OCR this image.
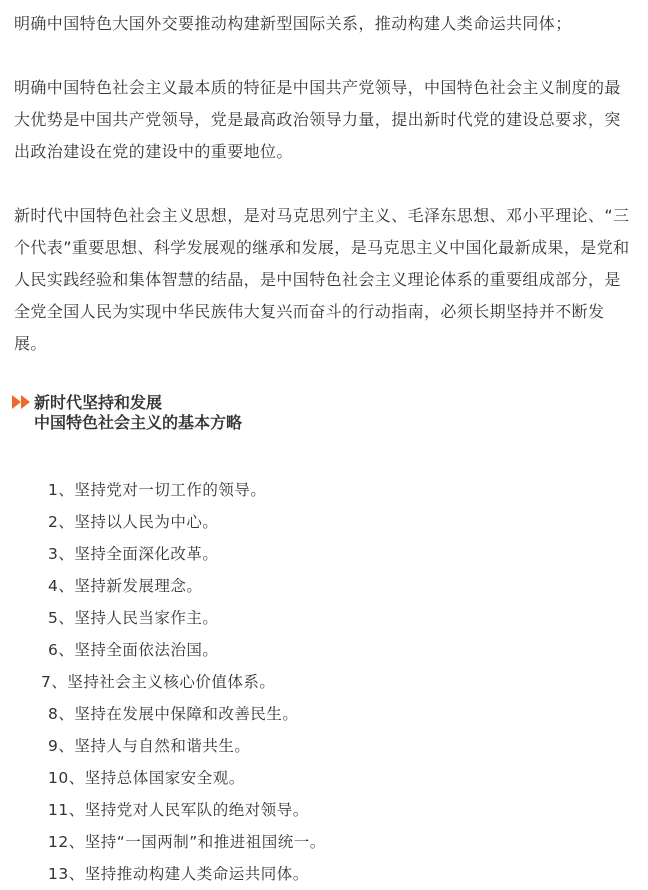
明确中国特色大国外交要推动构建新型国际关系，推动构建人类命运共同体；

明确中国特色社会主义最本质的特征是中国共产党领导，中国特色社会主义制度的最大优势是中国共产党领导，党是最高政治领导力量，提出新时代党的建设总要求，突出政治建设在党的建设中的重要地位。

新时代中国特色社会主义思想，是对马克思列宁主义、毛泽东思想、邓小平理论、“三个代表”重要思想、科学发展观的继承和发展，是马克思主义中国化最新成果，是党和人民实践经验和集体智慧的结晶，是中国特色社会主义理论体系的重要组成部分，是全党全国人民为实现中华民族伟大复兴而奋斗的行动指南，必须长期坚持并不断发展。

新时代坚持和发展
中国特色社会主义的基本方略
1、坚持党对一切工作的领导。
2、坚持以人民为中心。
3、坚持全面深化改革。
4、坚持新发展理念。
5、坚持人民当家作主。
6、坚持全面依法治国。
7、坚持社会主义核心价值体系。
8、坚持在发展中保障和改善民生。
9、坚持人与自然和谐共生。
10、坚持总体国家安全观。
11、坚持党对人民军队的绝对领导。
12、坚持“一国两制”和推进祖国统一。
13、坚持推动构建人类命运共同体。
